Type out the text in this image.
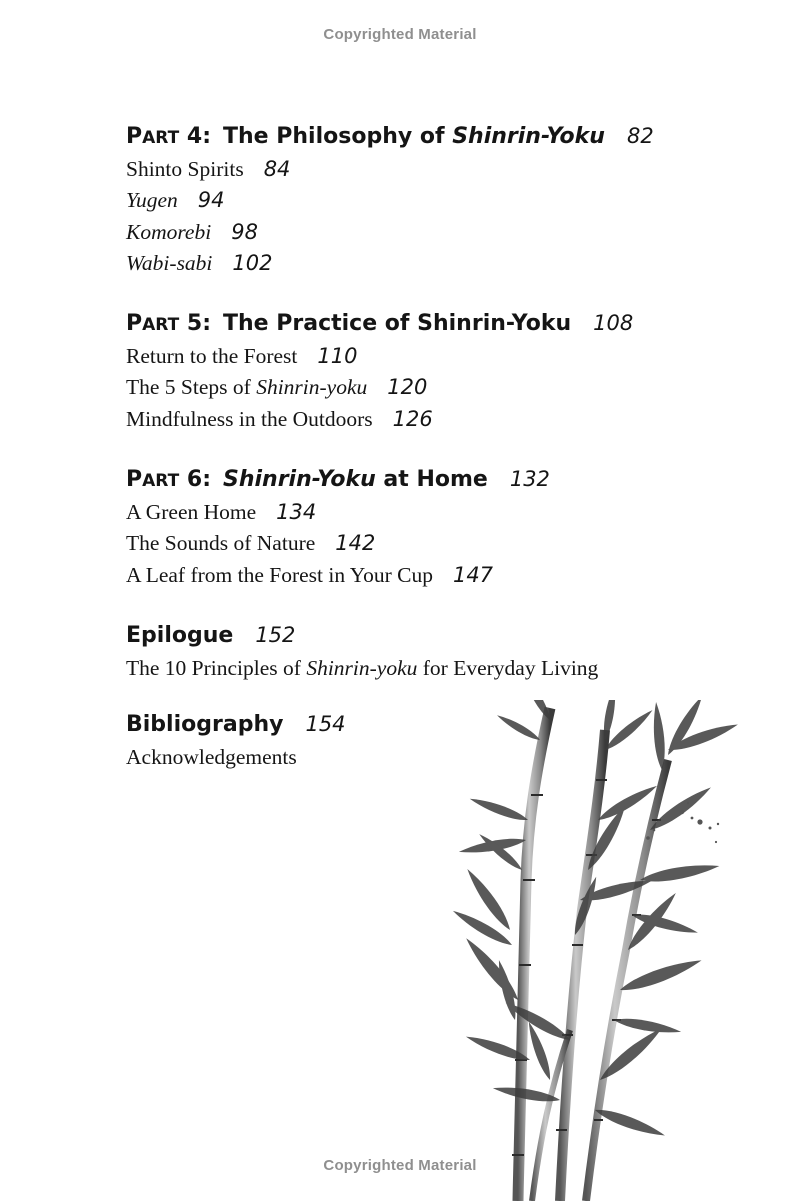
Copyrighted Material
PART 4: The Philosophy of Shinrin-Yoku 82
Shinto Spirits 84
Yugen 94
Komorebi 98
Wabi-sabi 102
PART 5: The Practice of Shinrin-Yoku 108
Return to the Forest 110
The 5 Steps of Shinrin-yoku 120
Mindfulness in the Outdoors 126
PART 6: Shinrin-Yoku at Home 132
A Green Home 134
The Sounds of Nature 142
A Leaf from the Forest in Your Cup 147
Epilogue 152
The 10 Principles of Shinrin-yoku for Everyday Living
Bibliography 154
Acknowledgements
Copyrighted Material
